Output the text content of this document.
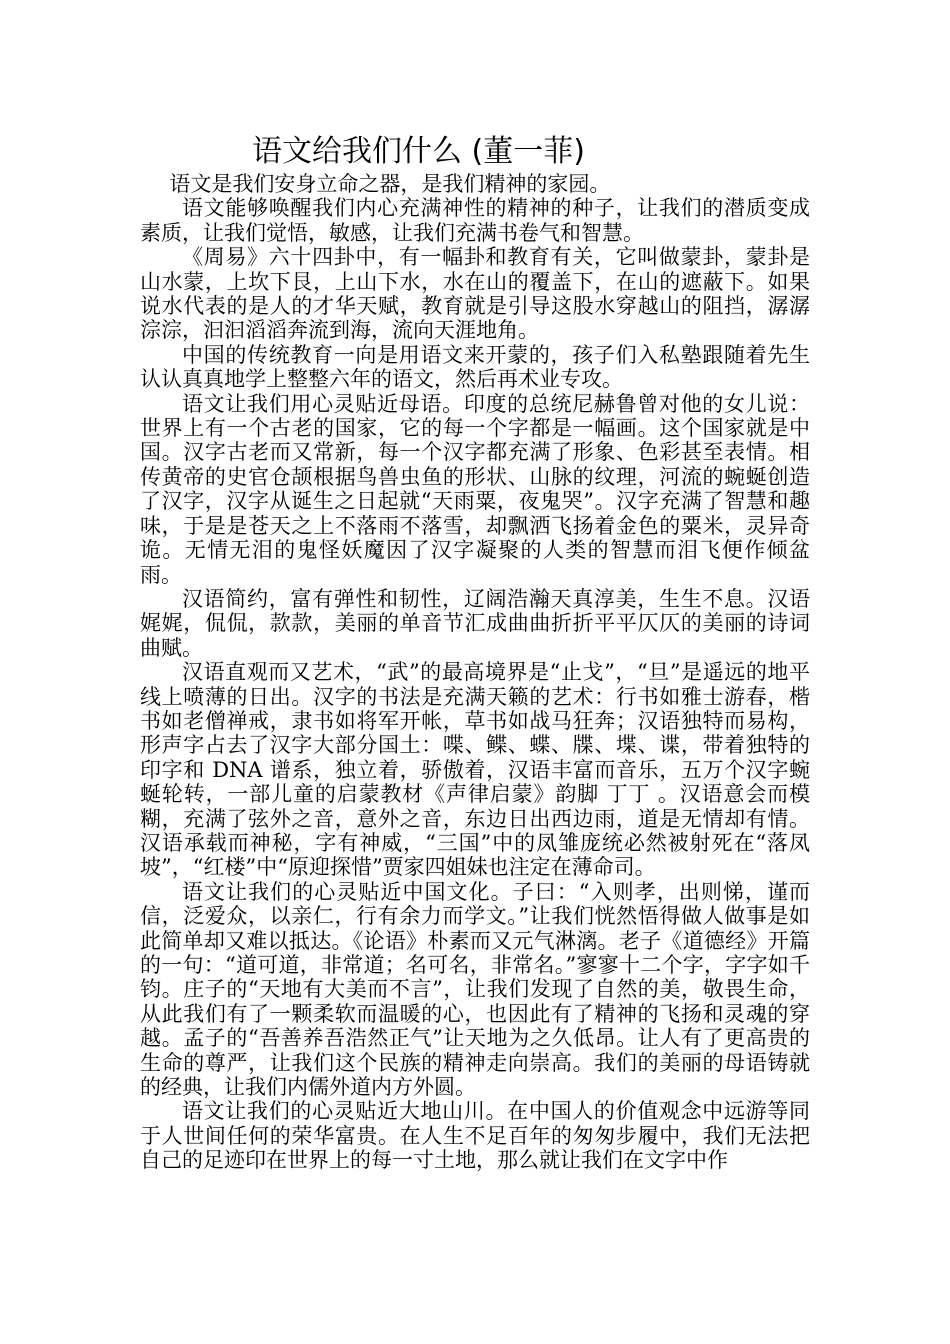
语文给我们什么 (董一菲)

语文是我们安身立命之器，是我们精神的家园。

语文能够唤醒我们内心充满神性的精神的种子，让我们的潜质变成素质，让我们觉悟，敏感，让我们充满书卷气和智慧。

《周易》六十四卦中，有一幅卦和教育有关，它叫做蒙卦，蒙卦是山水蒙，上坎下艮，上山下水，水在山的覆盖下，在山的遮蔽下。如果说水代表的是人的才华天赋，教育就是引导这股水穿越山的阻挡，潺潺淙淙，汩汩滔滔奔流到海，流向天涯地角。

中国的传统教育一向是用语文来开蒙的，孩子们入私塾跟随着先生认认真真地学上整整六年的语文，然后再术业专攻。

语文让我们用心灵贴近母语。印度的总统尼赫鲁曾对他的女儿说：世界上有一个古老的国家，它的每一个字都是一幅画。这个国家就是中国。汉字古老而又常新，每一个汉字都充满了形象、色彩甚至表情。相传黄帝的史官仓颉根据鸟兽虫鱼的形状、山脉的纹理，河流的蜿蜒创造了汉字，汉字从诞生之日起就“天雨粟，夜鬼哭”。汉字充满了智慧和趣味，于是是苍天之上不落雨不落雪，却飘洒飞扬着金色的粟米，灵异奇诡。无情无泪的鬼怪妖魔因了汉字凝聚的人类的智慧而泪飞便作倾盆雨。

汉语简约，富有弹性和韧性，辽阔浩瀚天真淳美，生生不息。汉语娓娓，侃侃，款款，美丽的单音节汇成曲曲折折平平仄仄的美丽的诗词曲赋。

汉语直观而又艺术，“武”的最高境界是“止戈”，“旦”是遥远的地平线上喷薄的日出。汉字的书法是充满天籁的艺术：行书如雅士游春，楷书如老僧禅戒，隶书如将军开帐，草书如战马狂奔；汉语独特而易构，形声字占去了汉字大部分国土：喋、鲽、蝶、牒、堞、谍，带着独特的印字和 DNA 谱系，独立着，骄傲着，汉语丰富而音乐，五万个汉字蜿蜒轮转，一部儿童的启蒙教材《声律启蒙》韵脚 丁丁 。汉语意会而模糊，充满了弦外之音，意外之音，东边日出西边雨，道是无情却有情。汉语承载而神秘，字有神威，“三国”中的凤雏庞统必然被射死在“落凤坡”，“红楼”中“原迎探惜”贾家四姐妹也注定在薄命司。

语文让我们的心灵贴近中国文化。子曰：“入则孝，出则悌，谨而信，泛爱众，以亲仁，行有余力而学文。”让我们恍然悟得做人做事是如此简单却又难以抵达。《论语》朴素而又元气淋漓。老子《道德经》开篇的一句：“道可道，非常道；名可名，非常名。”寥寥十二个字，字字如千钧。庄子的“天地有大美而不言”，让我们发现了自然的美，敬畏生命，从此我们有了一颗柔软而温暖的心，也因此有了精神的飞扬和灵魂的穿越。孟子的“吾善养吾浩然正气”让天地为之久低昂。让人有了更高贵的生命的尊严，让我们这个民族的精神走向崇高。我们的美丽的母语铸就的经典，让我们内儒外道内方外圆。

语文让我们的心灵贴近大地山川。在中国人的价值观念中远游等同于人世间任何的荣华富贵。在人生不足百年的匆匆步履中，我们无法把自己的足迹印在世界上的每一寸土地，那么就让我们在文字中作
